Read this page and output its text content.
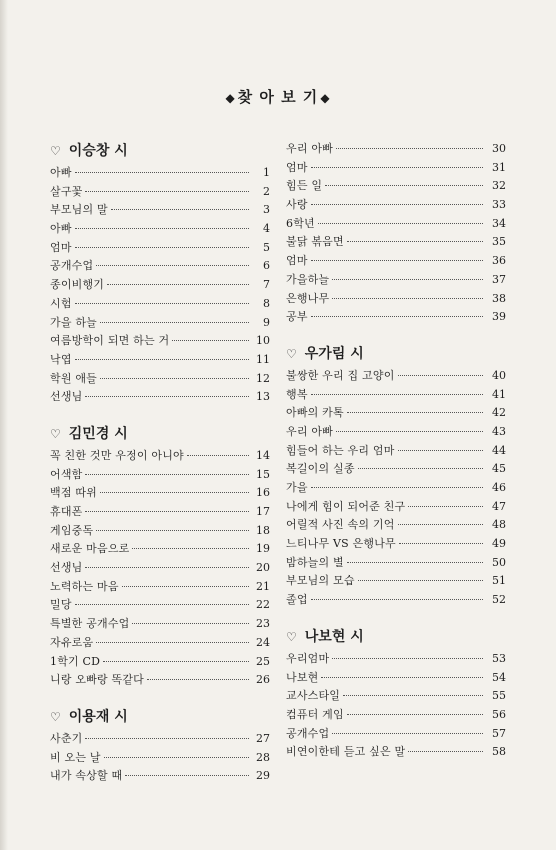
◆ 찾 아 보 기 ◆
♡ 이승창 시
아빠	1
살구꽃	2
부모님의 말	3
아빠	4
엄마	5
공개수업	6
종이비행기	7
시험	8
가을 하늘	9
여름방학이 되면 하는 거	10
낙엽	11
학원 애들	12
선생님	13
♡ 김민경 시
꼭 친한 것만 우정이 아니야	14
어색함	15
백점 따위	16
휴대폰	17
게임중독	18
새로운 마음으로	19
선생님	20
노력하는 마음	21
밀당	22
특별한 공개수업	23
자유로움	24
1학기 CD	25
니랑 오빠랑 똑같다	26
♡ 이용재 시
사춘기	27
비 오는 날	28
내가 속상할 때	29
우리 아빠	30
엄마	31
힘든 일	32
사랑	33
6학년	34
불닭 볶음면	35
엄마	36
가을하늘	37
은행나무	38
공부	39
♡ 우가림 시
불쌍한 우리 집 고양이	40
행복	41
아빠의 카톡	42
우리 아빠	43
힘들어 하는 우리 엄마	44
복길이의 실종	45
가을	46
나에게 힘이 되어준 친구	47
어릴적 사진 속의 기억	48
느티나무 VS 은행나무	49
밤하늘의 별	50
부모님의 모습	51
졸업	52
♡ 나보현 시
우리엄마	53
나보현	54
교사스타일	55
컴퓨터 게임	56
공개수업	57
비연이한테 듣고 싶은 말	58
